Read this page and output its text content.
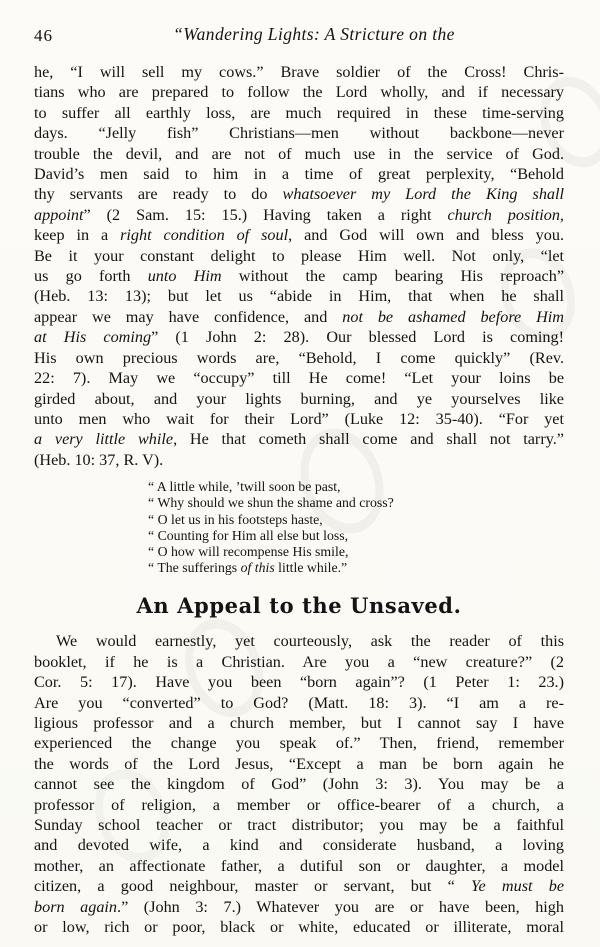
46	“Wandering Lights: A Stricture on the
he, “I will sell my cows.” Brave soldier of the Cross! Chris-
tians who are prepared to follow the Lord wholly, and if necessary
to suffer all earthly loss, are much required in these time-serving
days. “Jelly fish” Christians—men without backbone—never
trouble the devil, and are not of much use in the service of God.
David’s men said to him in a time of great perplexity, “Behold
thy servants are ready to do whatsoever my Lord the King shall
appoint” (2 Sam. 15: 15.) Having taken a right church position,
keep in a right condition of soul, and God will own and bless you.
Be it your constant delight to please Him well. Not only, “let
us go forth unto Him without the camp bearing His reproach”
(Heb. 13: 13); but let us “abide in Him, that when he shall
appear we may have confidence, and not be ashamed before Him
at His coming” (1 John 2: 28). Our blessed Lord is coming!
His own precious words are, “Behold, I come quickly” (Rev.
22: 7). May we “occupy” till He come! “Let your loins be
girded about, and your lights burning, and ye yourselves like
unto men who wait for their Lord” (Luke 12: 35-40). “For yet
a very little while, He that cometh shall come and shall not tarry.”
(Heb. 10: 37, R. V).
“ A little while, ’twill soon be past,
“ Why should we shun the shame and cross?
“ O let us in his footsteps haste,
“ Counting for Him all else but loss,
“ O how will recompense His smile,
“ The sufferings of this little while.”
An Appeal to the Unsaved.
We would earnestly, yet courteously, ask the reader of this
booklet, if he is a Christian. Are you a “new creature?” (2
Cor. 5: 17). Have you been “born again”? (1 Peter 1: 23.)
Are you “converted” to God? (Matt. 18: 3). “I am a re-
ligious professor and a church member, but I cannot say I have
experienced the change you speak of.” Then, friend, remember
the words of the Lord Jesus, “Except a man be born again he
cannot see the kingdom of God” (John 3: 3). You may be a
professor of religion, a member or office-bearer of a church, a
Sunday school teacher or tract distributor; you may be a faithful
and devoted wife, a kind and considerate husband, a loving
mother, an affectionate father, a dutiful son or daughter, a model
citizen, a good neighbour, master or servant, but “ Ye must be
born again.” (John 3: 7.) Whatever you are or have been, high
or low, rich or poor, black or white, educated or illiterate, moral
